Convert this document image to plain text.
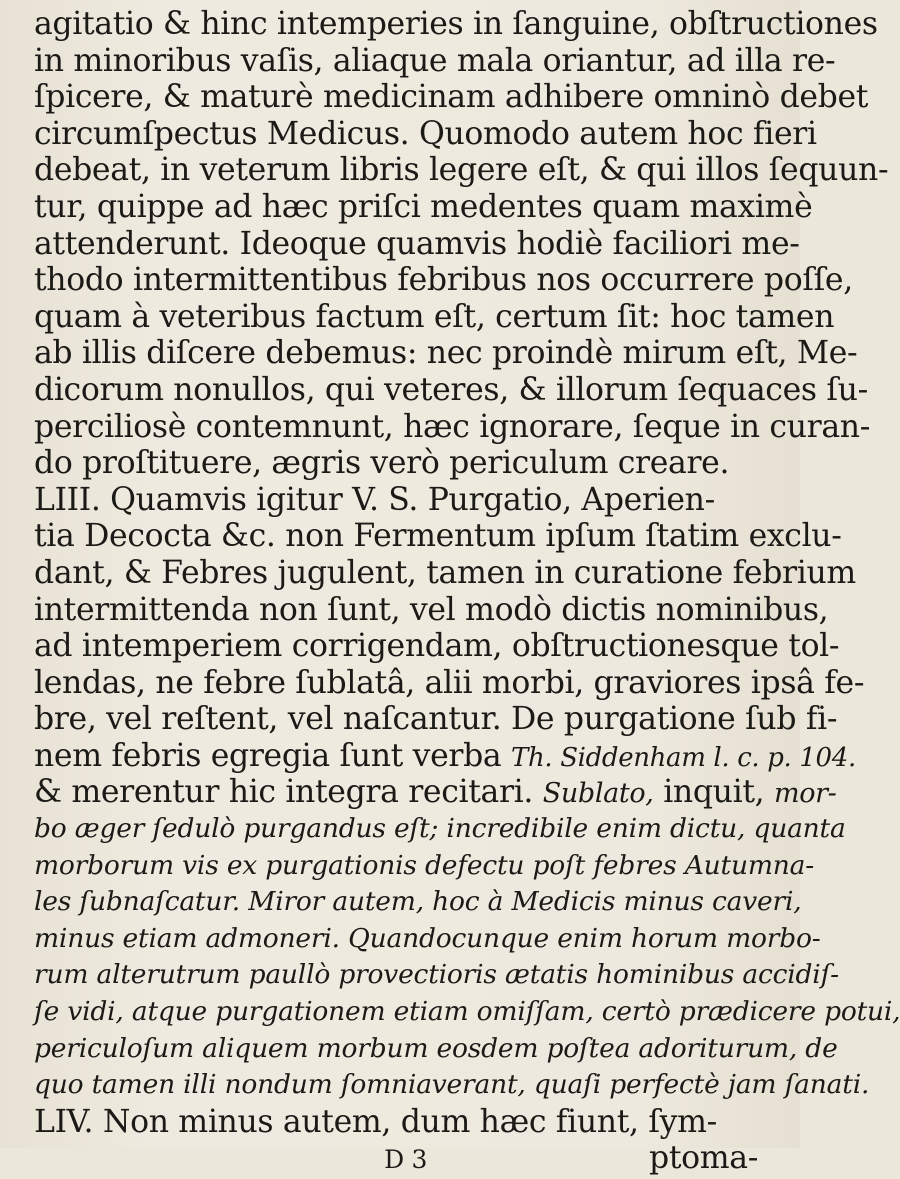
agitatio & hinc intemperies in ſanguine, obſtructiones
in minoribus vaſis, aliaque mala oriantur, ad illa re-
ſpicere, & maturè medicinam adhibere omninò debet
circumſpectus Medicus. Quomodo autem hoc fieri
debeat, in veterum libris legere eſt, & qui illos ſequun-
tur, quippe ad hæc priſci medentes quam maximè
attenderunt. Ideoque quamvis hodiè faciliori me-
thodo intermittentibus febribus nos occurrere poſſe,
quam à veteribus factum eſt, certum ſit: hoc tamen
ab illis diſcere debemus: nec proindè mirum eſt, Me-
dicorum nonullos, qui veteres, & illorum ſequaces ſu-
perciliosè contemnunt, hæc ignorare, ſeque in curan-
do proſtituere, ægris verò periculum creare.
LIII. Quamvis igitur V. S. Purgatio, Aperien-
tia Decocta &c. non Fermentum ipſum ſtatim exclu-
dant, & Febres jugulent, tamen in curatione febrium
intermittenda non ſunt, vel modò dictis nominibus,
ad intemperiem corrigendam, obſtructionesque tol-
lendas, ne febre ſublatâ, alii morbi, graviores ipsâ fe-
bre, vel reſtent, vel naſcantur. De purgatione ſub fi-
nem febris egregia ſunt verba Th. Siddenham l. c. p. 104.
& merentur hic integra recitari. Sublato, inquit, mor-
bo æger ſedulò purgandus eſt; incredibile enim dictu, quanta
morborum vis ex purgationis defectu poſt febres Autumna-
les ſubnaſcatur. Miror autem, hoc à Medicis minus caveri,
minus etiam admoneri. Quandocunque enim horum morbo-
rum alterutrum paullò provectioris ætatis hominibus accidiſ-
ſe vidi, atque purgationem etiam omiſſam, certò prædicere potui,
periculoſum aliquem morbum eosdem poſtea adoriturum, de
quo tamen illi nondum ſomniaverant, quaſi perfectè jam ſanati.
LIV. Non minus autem, dum hæc fiunt, ſym-
D 3	ptoma-
